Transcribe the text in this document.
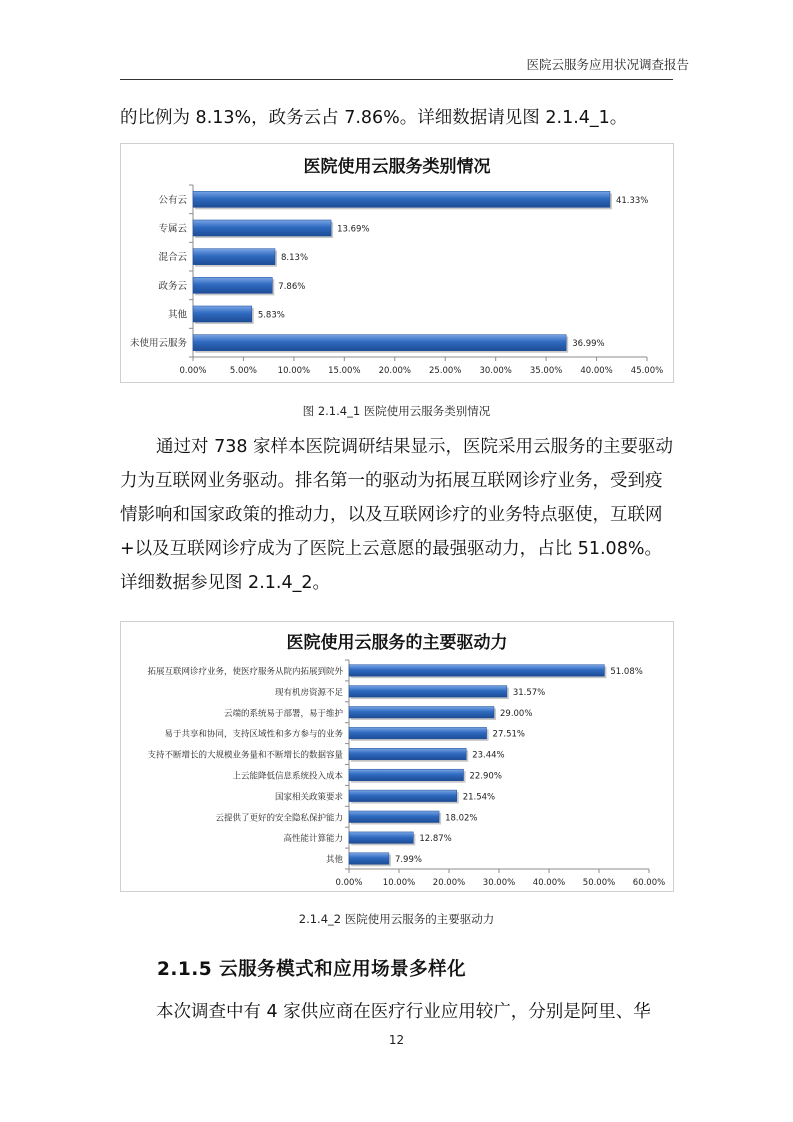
医院云服务应用状况调查报告

的比例为 8.13%，政务云占 7.86%。详细数据请见图 2.1.4_1。

医院使用云服务类别情况
0.00%	5.00% 10.00% 15.00% 20.00% 25.00% 30.00% 35.00% 40.00% 45.00%
公有云	41.33%
专属云	13.69%
混合云	8.13%
政务云	7.86%
其他	5.83%
未使用云服务	36.99%
图 2.1.4_1 医院使用云服务类别情况

通过对 738 家样本医院调研结果显示，医院采用云服务的主要驱动力为互联网业务驱动。排名第一的驱动为拓展互联网诊疗业务，受到疫情影响和国家政策的推动力，以及互联网诊疗的业务特点驱使，互联网+以及互联网诊疗成为了医院上云意愿的最强驱动力，占比 51.08%。详细数据参见图 2.1.4_2。

医院使用云服务的主要驱动力
0.00% 10.00% 20.00% 30.00% 40.00% 50.00% 60.00%
拓展互联网诊疗业务，使医疗服务从院内拓展到院外	51.08%
现有机房资源不足	31.57%
云端的系统易于部署，易于维护	29.00%
易于共享和协同，支持区域性和多方参与的业务	27.51%
支持不断增长的大规模业务量和不断增长的数据容量	23.44%
上云能降低信息系统投入成本	22.90%
国家相关政策要求	21.54%
云提供了更好的安全隐私保护能力	18.02%
高性能计算能力	12.87%
其他	7.99%
2.1.4_2 医院使用云服务的主要驱动力
2.1.5 云服务模式和应用场景多样化

本次调查中有 4 家供应商在医疗行业应用较广，分别是阿里、华

12
